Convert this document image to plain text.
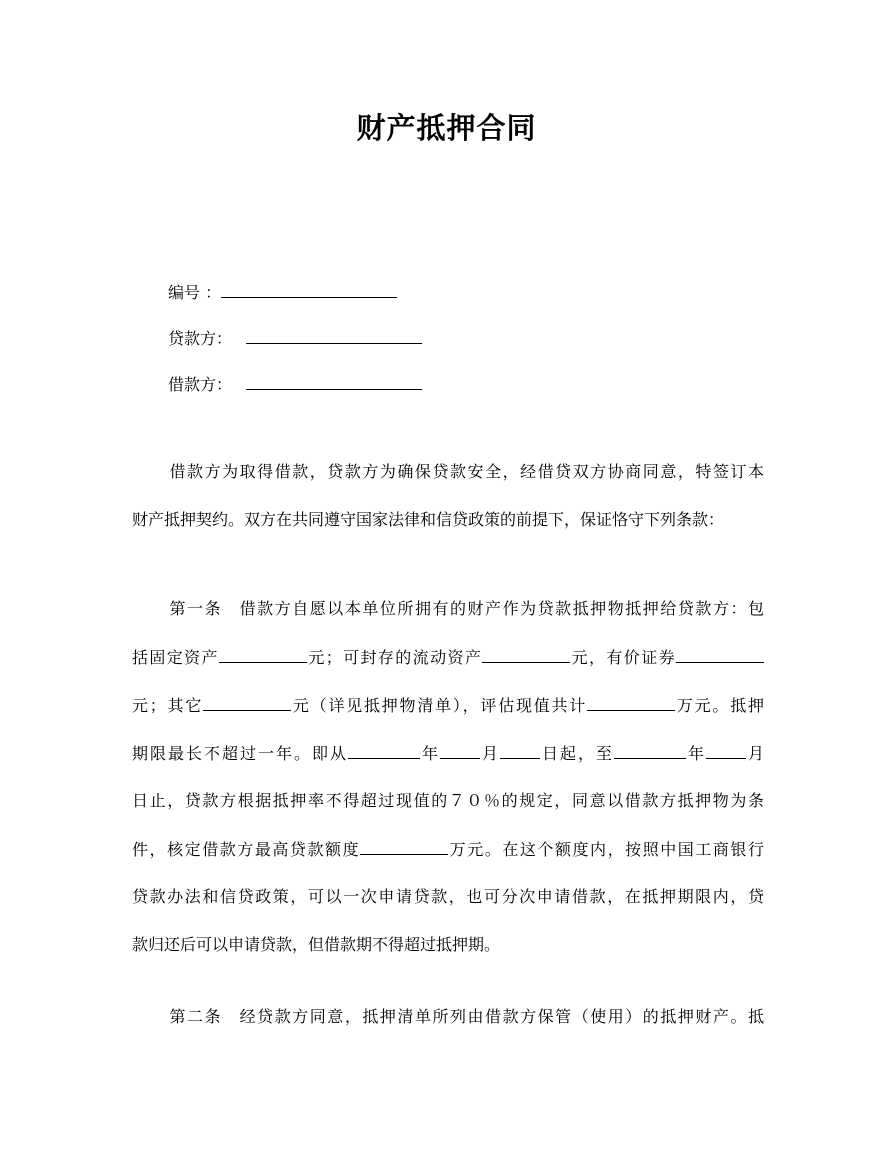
财产抵押合同
编号 ：
贷款方：
借款方：
借款方为取得借款，贷款方为确保贷款安全，经借贷双方协商同意，特签订本
财产抵押契约。双方在共同遵守国家法律和信贷政策的前提下，保证恪守下列条款：
第一条 借款方自愿以本单位所拥有的财产作为贷款抵押物抵押给贷款方：包
括固定资产	元；可封存的流动资产	元，有价证券
元；其它	元（详见抵押物清单），评估现值共计	万元。抵押
期限最长不超过一年。即从	年	月	日起，至	年	月
日止，贷款方根据抵押率不得超过现值的７０％的规定，同意以借款方抵押物为条
件，核定借款方最高贷款额度	万元。在这个额度内，按照中国工商银行
贷款办法和信贷政策，可以一次申请贷款，也可分次申请借款，在抵押期限内，贷
款归还后可以申请贷款，但借款期不得超过抵押期。
第二条 经贷款方同意，抵押清单所列由借款方保管（使用）的抵押财产。抵
